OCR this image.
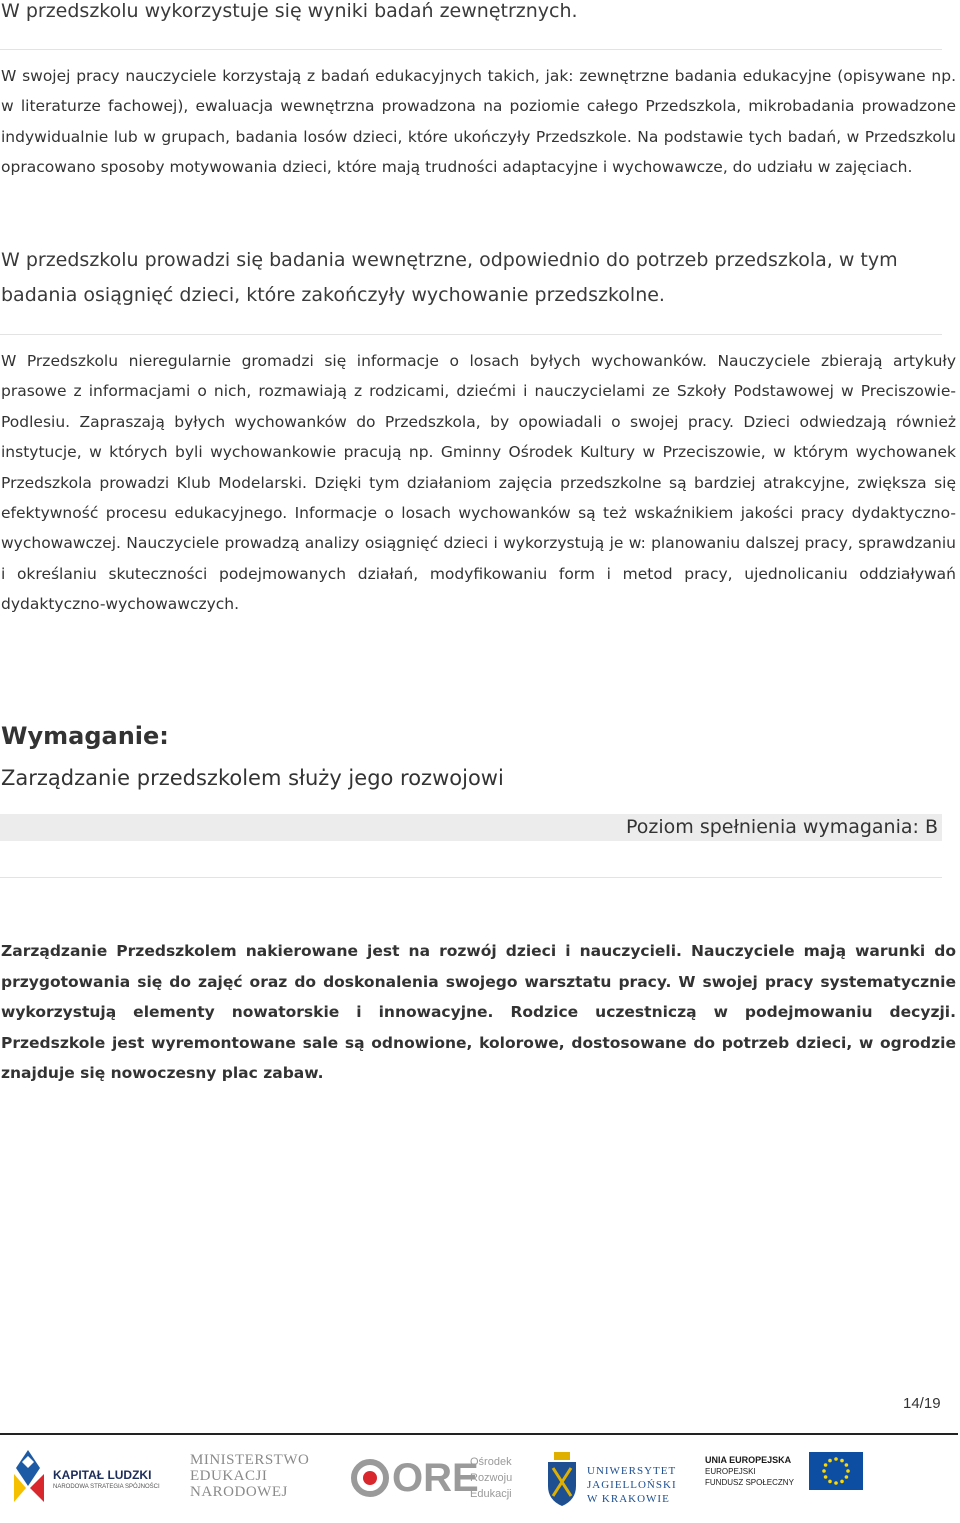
W przedszkolu wykorzystuje się wyniki badań zewnętrznych.

W swojej pracy nauczyciele korzystają z badań edukacyjnych takich, jak: zewnętrzne badania edukacyjne (opisywane np. w literaturze fachowej), ewaluacja wewnętrzna prowadzona na poziomie całego Przedszkola, mikrobadania prowadzone indywidualnie lub w grupach, badania losów dzieci, które ukończyły Przedszkole. Na podstawie tych badań, w Przedszkolu opracowano sposoby motywowania dzieci, które mają trudności adaptacyjne i wychowawcze, do udziału w zajęciach.

W przedszkolu prowadzi się badania wewnętrzne, odpowiednio do potrzeb przedszkola, w tym badania osiągnięć dzieci, które zakończyły wychowanie przedszkolne.

W Przedszkolu nieregularnie gromadzi się informacje o losach byłych wychowanków. Nauczyciele zbierają artykuły prasowe z informacjami o nich, rozmawiają z rodzicami, dziećmi i nauczycielami ze Szkoły Podstawowej w Preciszowie-Podlesiu. Zapraszają byłych wychowanków do Przedszkola, by opowiadali o swojej pracy. Dzieci odwiedzają również instytucje, w których byli wychowankowie pracują np. Gminny Ośrodek Kultury w Przeciszowie, w którym wychowanek Przedszkola prowadzi Klub Modelarski. Dzięki tym działaniom zajęcia przedszkolne są bardziej atrakcyjne, zwiększa się efektywność procesu edukacyjnego. Informacje o losach wychowanków są też wskaźnikiem jakości pracy dydaktyczno-wychowawczej. Nauczyciele prowadzą analizy osiągnięć dzieci i wykorzystują je w: planowaniu dalszej pracy, sprawdzaniu i określaniu skuteczności podejmowanych działań, modyfikowaniu form i metod pracy, ujednolicaniu oddziaływań dydaktyczno-wychowawczych.

Wymaganie:
Zarządzanie przedszkolem służy jego rozwojowi
Poziom spełnienia wymagania: B

Zarządzanie Przedszkolem nakierowane jest na rozwój dzieci i nauczycieli. Nauczyciele mają warunki do przygotowania się do zajęć oraz do doskonalenia swojego warsztatu pracy. W swojej pracy systematycznie wykorzystują elementy nowatorskie i innowacyjne. Rodzice uczestniczą w podejmowaniu decyzji. Przedszkole jest wyremontowane sale są odnowione, kolorowe, dostosowane do potrzeb dzieci, w ogrodzie znajduje się nowoczesny plac zabaw.

14/19
KAPITAŁ LUDZKI
NARODOWA STRATEGIA SPÓJNOŚCI
MINISTERSTWO
EDUKACJI
NARODOWEJ	ORE
Ośrodek
Rozwoju
Edukacji
UNIWERSYTET
JAGIELLOŃSKI
W KRAKOWIE
UNIA EUROPEJSKA
EUROPEJSKI
FUNDUSZ SPOŁECZNY
